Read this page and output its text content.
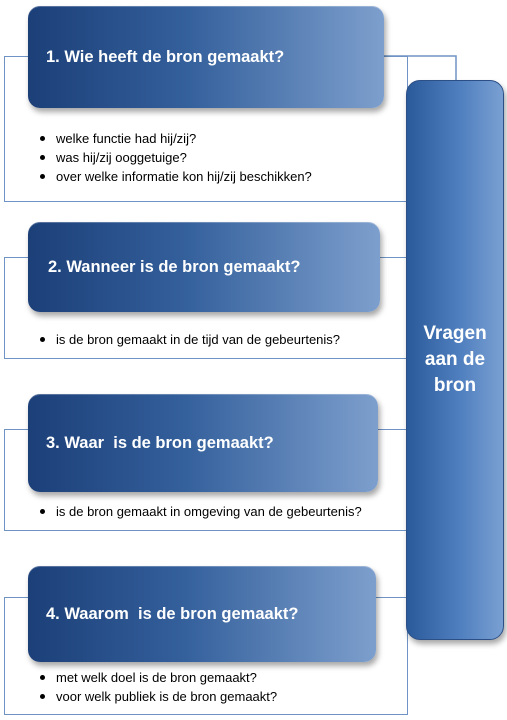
1. Wie heeft de bron gemaakt?
welke functie had hij/zij?
was hij/zij ooggetuige?
over welke informatie kon hij/zij beschikken?
2. Wanneer is de bron gemaakt?
is de bron gemaakt in de tijd van de gebeurtenis?
3. Waar  is de bron gemaakt?
is de bron gemaakt in omgeving van de gebeurtenis?
4. Waarom  is de bron gemaakt?
met welk doel is de bron gemaakt?
voor welk publiek is de bron gemaakt?
Vragen
aan de
bron
